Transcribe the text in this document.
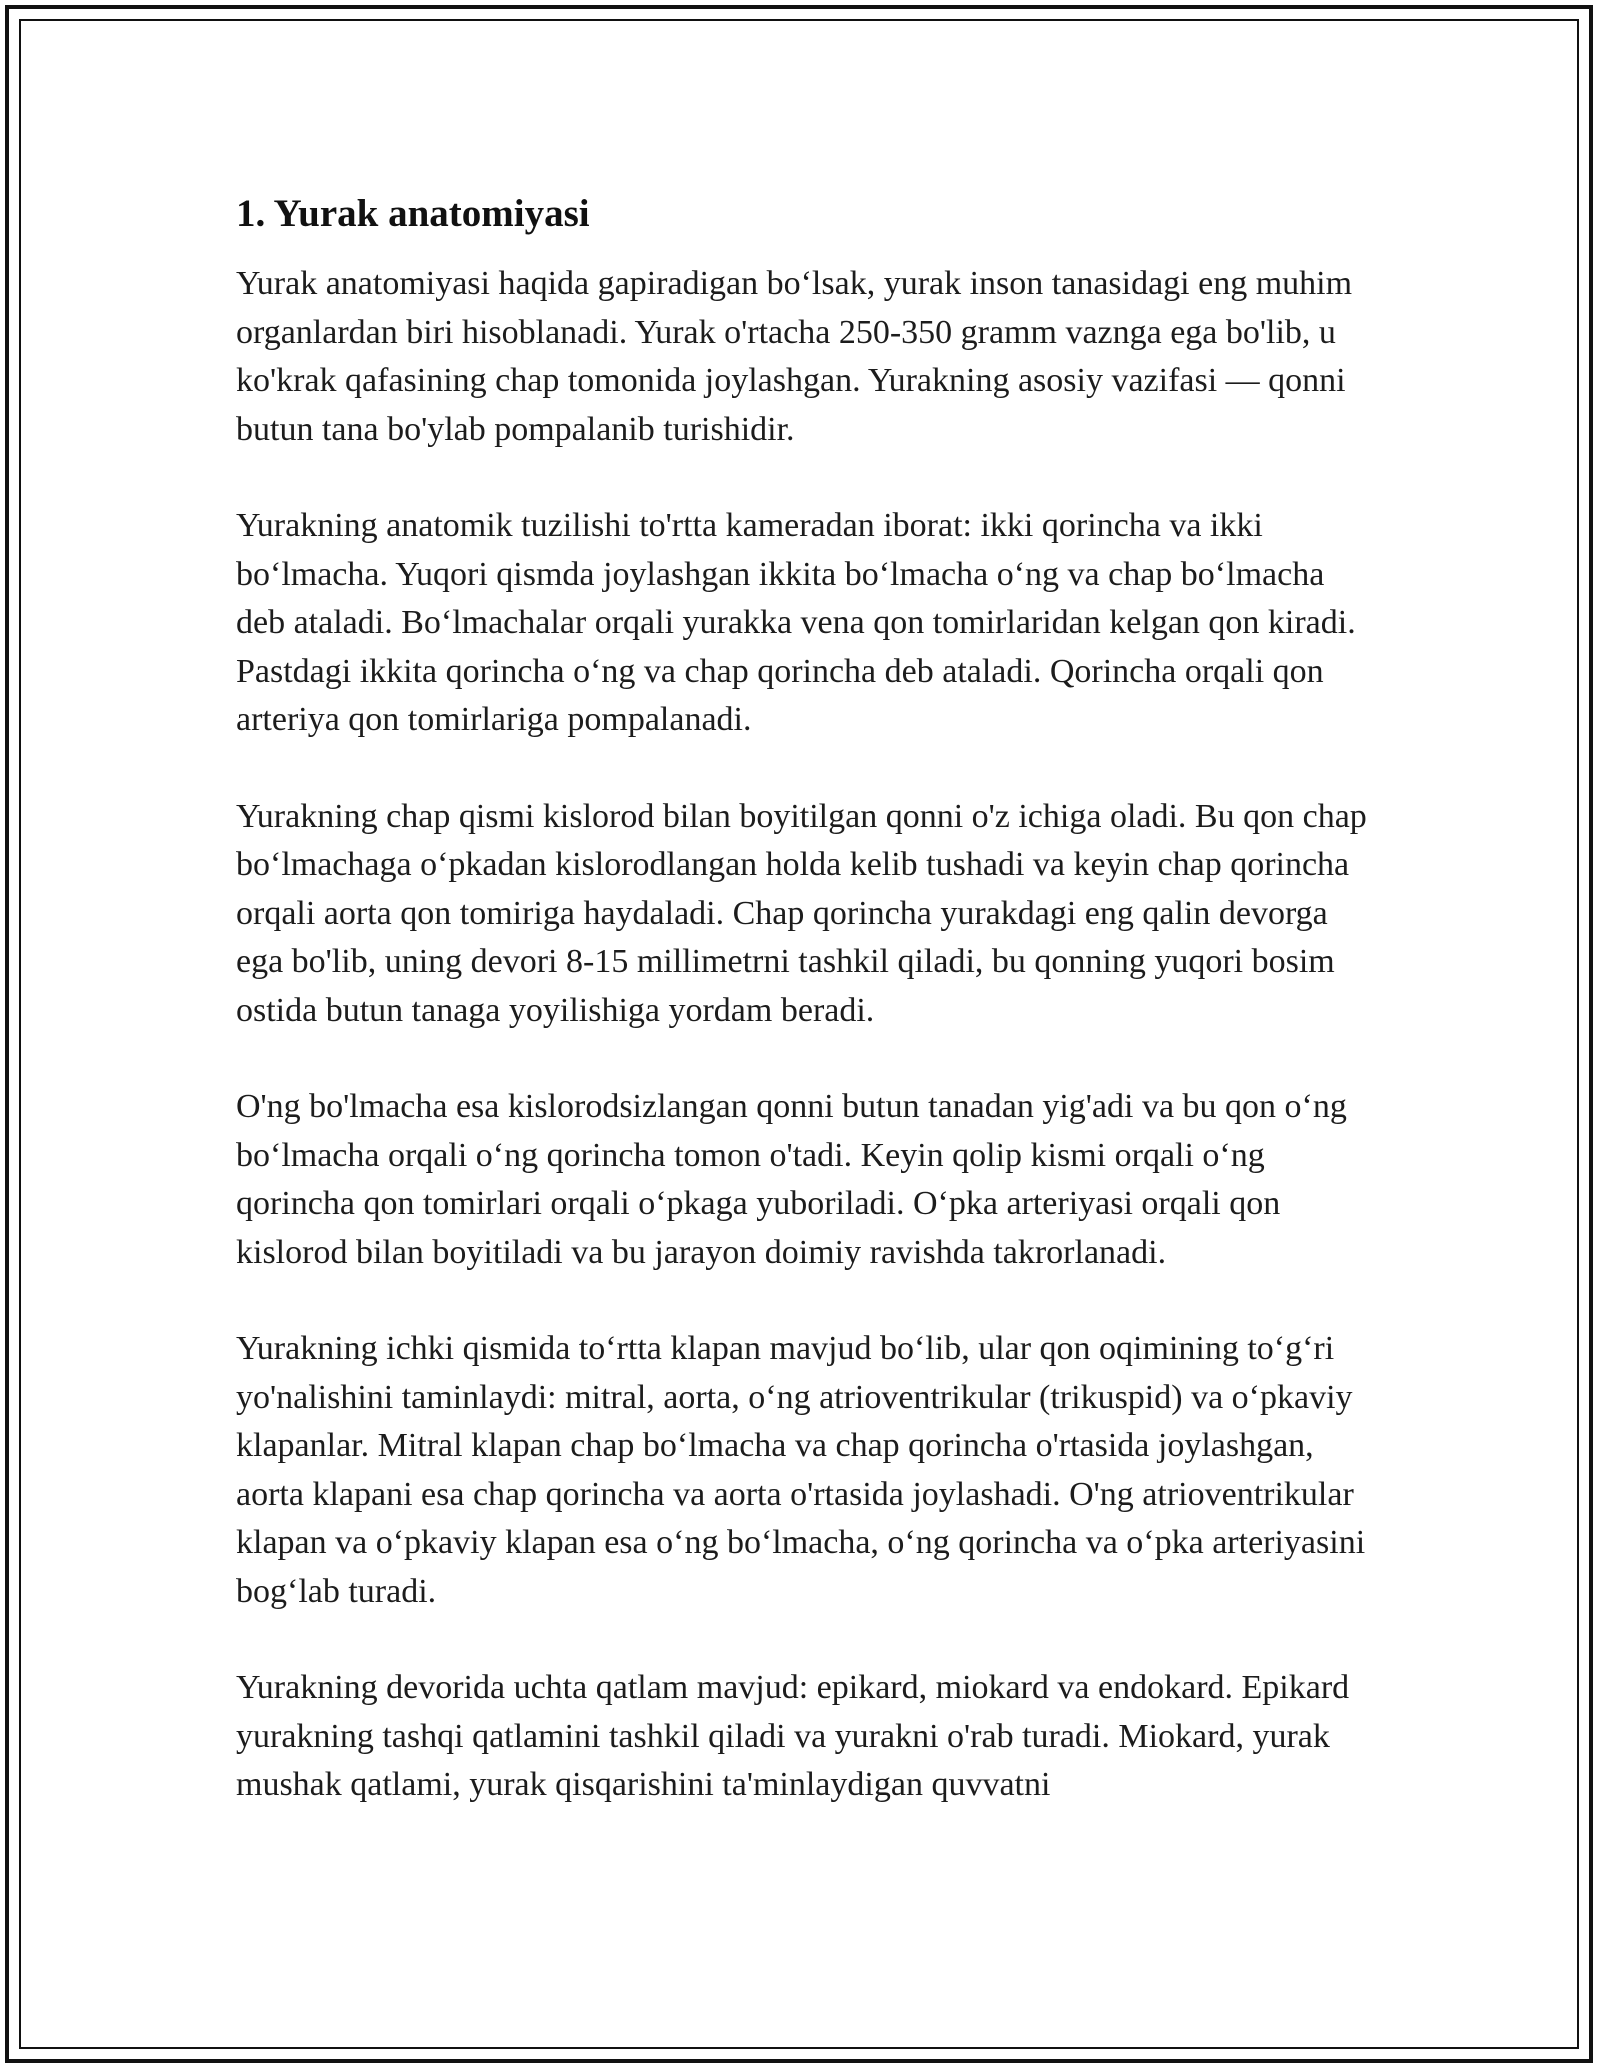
1. Yurak anatomiyasi

Yurak anatomiyasi haqida gapiradigan boʻlsak, yurak inson tanasidagi eng muhim organlardan biri hisoblanadi. Yurak o'rtacha 250-350 gramm vaznga ega bo'lib, u ko'krak qafasining chap tomonida joylashgan. Yurakning asosiy vazifasi — qonni butun tana bo'ylab pompalanib turishidir.

Yurakning anatomik tuzilishi to'rtta kameradan iborat: ikki qorincha va ikki boʻlmacha. Yuqori qismda joylashgan ikkita boʻlmacha oʻng va chap boʻlmacha deb ataladi. Boʻlmachalar orqali yurakka vena qon tomirlaridan kelgan qon kiradi. Pastdagi ikkita qorincha oʻng va chap qorincha deb ataladi. Qorincha orqali qon arteriya qon tomirlariga pompalanadi.

Yurakning chap qismi kislorod bilan boyitilgan qonni o'z ichiga oladi. Bu qon chap boʻlmachaga oʻpkadan kislorodlangan holda kelib tushadi va keyin chap qorincha orqali aorta qon tomiriga haydaladi. Chap qorincha yurakdagi eng qalin devorga ega bo'lib, uning devori 8-15 millimetrni tashkil qiladi, bu qonning yuqori bosim ostida butun tanaga yoyilishiga yordam beradi.

O'ng bo'lmacha esa kislorodsizlangan qonni butun tanadan yig'adi va bu qon oʻng boʻlmacha orqali oʻng qorincha tomon o'tadi. Keyin qolip kismi orqali oʻng qorincha qon tomirlari orqali oʻpkaga yuboriladi. Oʻpka arteriyasi orqali qon kislorod bilan boyitiladi va bu jarayon doimiy ravishda takrorlanadi.

Yurakning ichki qismida toʻrtta klapan mavjud boʻlib, ular qon oqimining toʻgʻri yo'nalishini taminlaydi: mitral, aorta, oʻng atrioventrikular (trikuspid) va oʻpkaviy klapanlar. Mitral klapan chap boʻlmacha va chap qorincha o'rtasida joylashgan, aorta klapani esa chap qorincha va aorta o'rtasida joylashadi. O'ng atrioventrikular klapan va oʻpkaviy klapan esa oʻng boʻlmacha, oʻng qorincha va oʻpka arteriyasini bogʻlab turadi.

Yurakning devorida uchta qatlam mavjud: epikard, miokard va endokard. Epikard yurakning tashqi qatlamini tashkil qiladi va yurakni o'rab turadi. Miokard, yurak mushak qatlami, yurak qisqarishini ta'minlaydigan quvvatni
